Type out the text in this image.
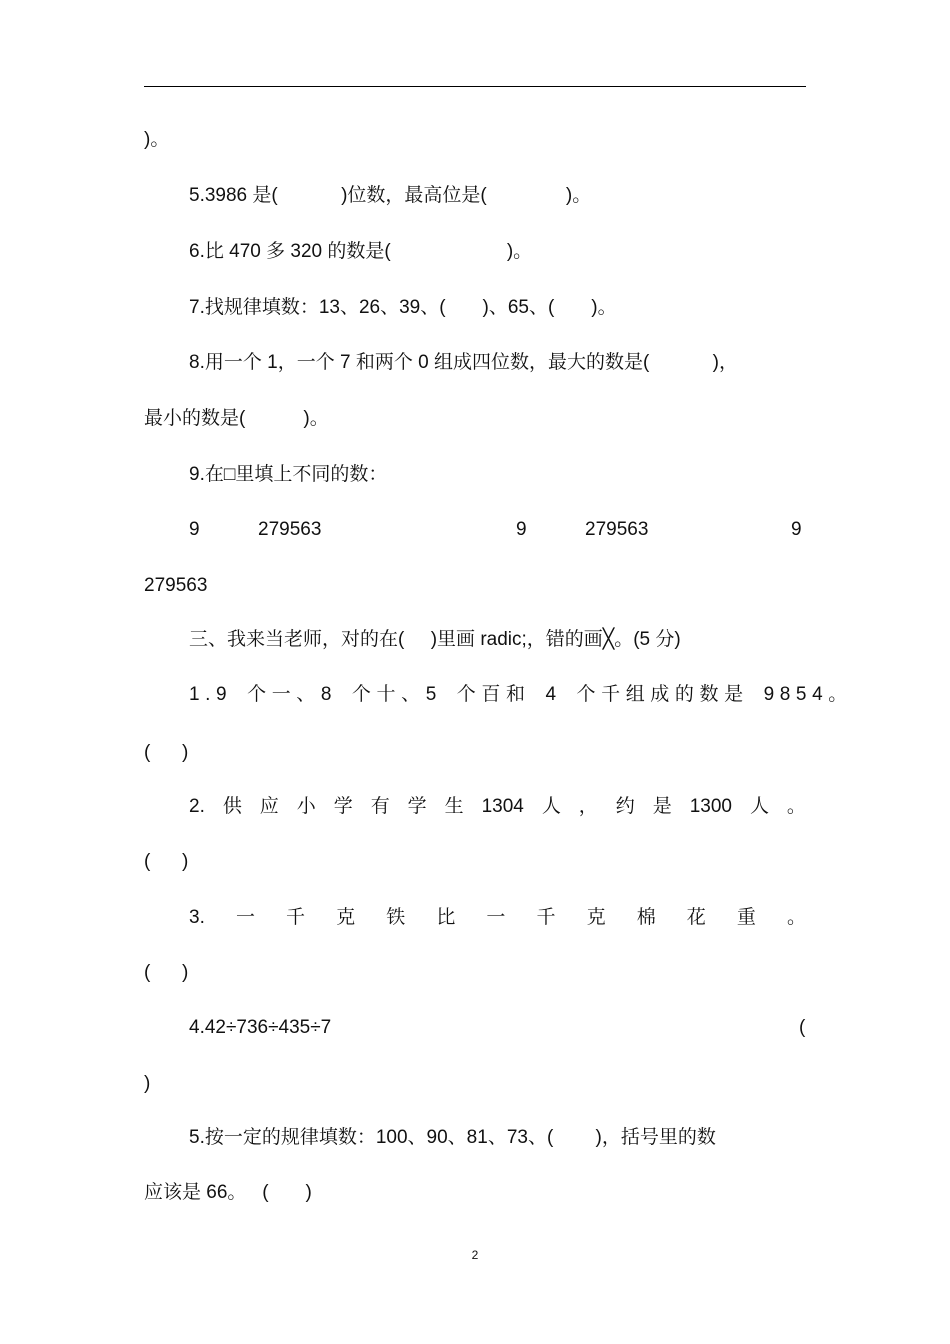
)。
5.3986 是(            )位数，最高位是(               )。
6.比 470 多 320 的数是(                      )。
7.找规律填数：13、26、39、(       )、65、(       )。
8.用一个 1，一个 7 和两个 0 组成四位数，最大的数是(            )，
最小的数是(           )。
9.在□里填上不同的数：
9	279563	9	279563	9
279563
三、我来当老师，对的在(     )里画 radic;，错的画╳。(5 分)
1.9 个一、8 个十、5 个百和 4 个千组成的数是 9854。
(      )
2. 供 应 小 学 有 学 生 1304 人 ， 约 是 1300 人 。
(      )
3. 一 千 克 铁 比 一 千 克 棉 花 重 。
(      )
4.42÷736÷435÷7	(
)
5.按一定的规律填数：100、90、81、73、(        )，括号里的数
应该是 66。   (       )
2
